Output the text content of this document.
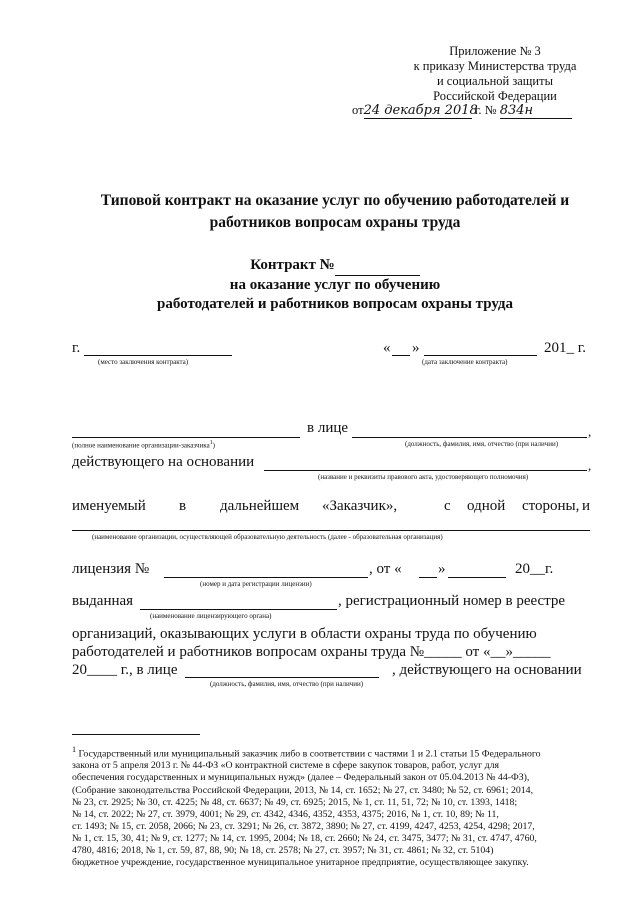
Приложение № 3
к приказу Министерства труда
и социальной защиты
Российской Федерации
от24 декабря 2018 г. № 834н
Типовой контракт на оказание услуг по обучению работодателей и
работников вопросам охраны труда
Контракт №
на оказание услуг по обучению
работодателей и работников вопросам охраны труда
г.
(место заключения контракта)
« »	201_ г.
(дата заключение контракта)
в лице	,
(полное наименование организации-заказчика$^1$)	(должность, фамилия, имя, отчество (при наличии)
действующего на основании	,
(название и реквизиты правового акта, удостоверяющего полномочия)
именуемый в дальнейшем «Заказчик»,	с одной стороны, и
(наименование организации, осуществляющей образовательную деятельность (далее - образовательная организация)
лицензия №	, от « »	20__г.
(номер и дата регистрации лицензии)
выданная	, регистрационный номер в реестре
(наименование лицензирующего органа)
организаций, оказывающих услуги в области охраны труда по обучению
работодателей и работников вопросам охраны труда №_____ от «__»_____
20____ г., в лице	, действующего на основании
(должность, фамилия, имя, отчество (при наличии)
$^1$ Государственный или муниципальный заказчик либо в соответствии с частями 1 и 2.1 статьи 15 Федерального
закона от 5 апреля 2013 г. № 44-ФЗ «О контрактной системе в сфере закупок товаров, работ, услуг для
обеспечения государственных и муниципальных нужд» (далее – Федеральный закон от 05.04.2013 № 44-ФЗ),
(Собрание законодательства Российской Федерации, 2013, № 14, ст. 1652; № 27, ст. 3480; № 52, ст. 6961; 2014,
№ 23, ст. 2925; № 30, ст. 4225; № 48, ст. 6637; № 49, ст. 6925; 2015, № 1, ст. 11, 51, 72; № 10, ст. 1393, 1418;
№ 14, ст. 2022; № 27, ст. 3979, 4001; № 29, ст. 4342, 4346, 4352, 4353, 4375; 2016, № 1, ст. 10, 89; № 11,
ст. 1493; № 15, ст. 2058, 2066; № 23, ст. 3291; № 26, ст. 3872, 3890; № 27, ст. 4199, 4247, 4253, 4254, 4298; 2017,
№ 1, ст. 15, 30, 41; № 9, ст. 1277; № 14, ст. 1995, 2004; № 18, ст. 2660; № 24, ст. 3475, 3477; № 31, ст. 4747, 4760,
4780, 4816; 2018, № 1, ст. 59, 87, 88, 90; № 18, ст. 2578; № 27, ст. 3957; № 31, ст. 4861; № 32, ст. 5104)
бюджетное учреждение, государственное муниципальное унитарное предприятие, осуществляющее закупку.
